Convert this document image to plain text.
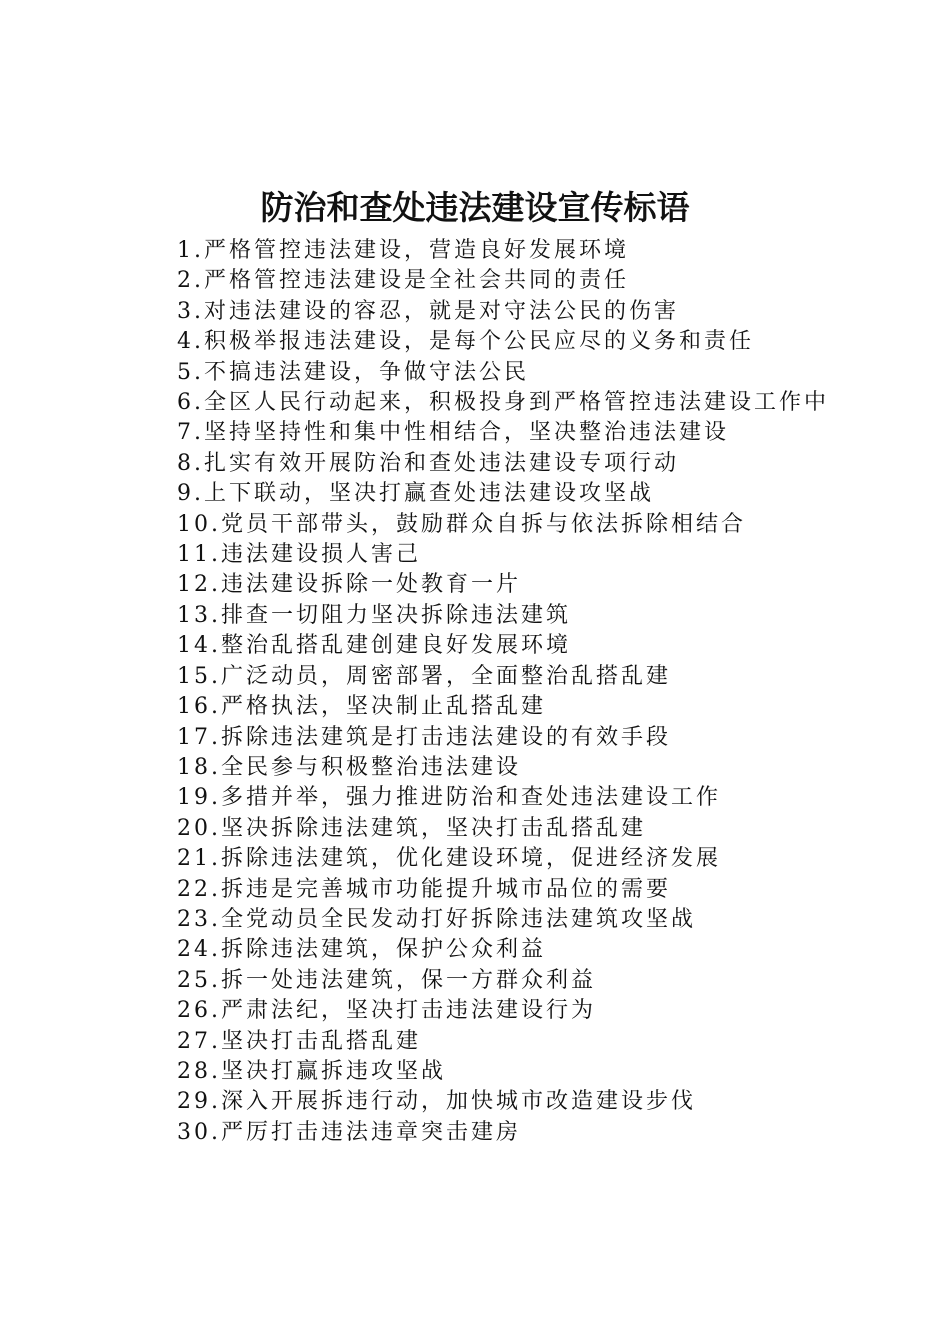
防治和查处违法建设宣传标语
1.严格管控违法建设，营造良好发展环境
2.严格管控违法建设是全社会共同的责任
3.对违法建设的容忍，就是对守法公民的伤害
4.积极举报违法建设，是每个公民应尽的义务和责任
5.不搞违法建设，争做守法公民
6.全区人民行动起来，积极投身到严格管控违法建设工作中
7.坚持坚持性和集中性相结合，坚决整治违法建设
8.扎实有效开展防治和查处违法建设专项行动
9.上下联动，坚决打赢查处违法建设攻坚战
10.党员干部带头，鼓励群众自拆与依法拆除相结合
11.违法建设损人害己
12.违法建设拆除一处教育一片
13.排查一切阻力坚决拆除违法建筑
14.整治乱搭乱建创建良好发展环境
15.广泛动员，周密部署，全面整治乱搭乱建
16.严格执法，坚决制止乱搭乱建
17.拆除违法建筑是打击违法建设的有效手段
18.全民参与积极整治违法建设
19.多措并举，强力推进防治和查处违法建设工作
20.坚决拆除违法建筑，坚决打击乱搭乱建
21.拆除违法建筑，优化建设环境，促进经济发展
22.拆违是完善城市功能提升城市品位的需要
23.全党动员全民发动打好拆除违法建筑攻坚战
24.拆除违法建筑，保护公众利益
25.拆一处违法建筑，保一方群众利益
26.严肃法纪，坚决打击违法建设行为
27.坚决打击乱搭乱建
28.坚决打赢拆违攻坚战
29.深入开展拆违行动，加快城市改造建设步伐
30.严厉打击违法违章突击建房
